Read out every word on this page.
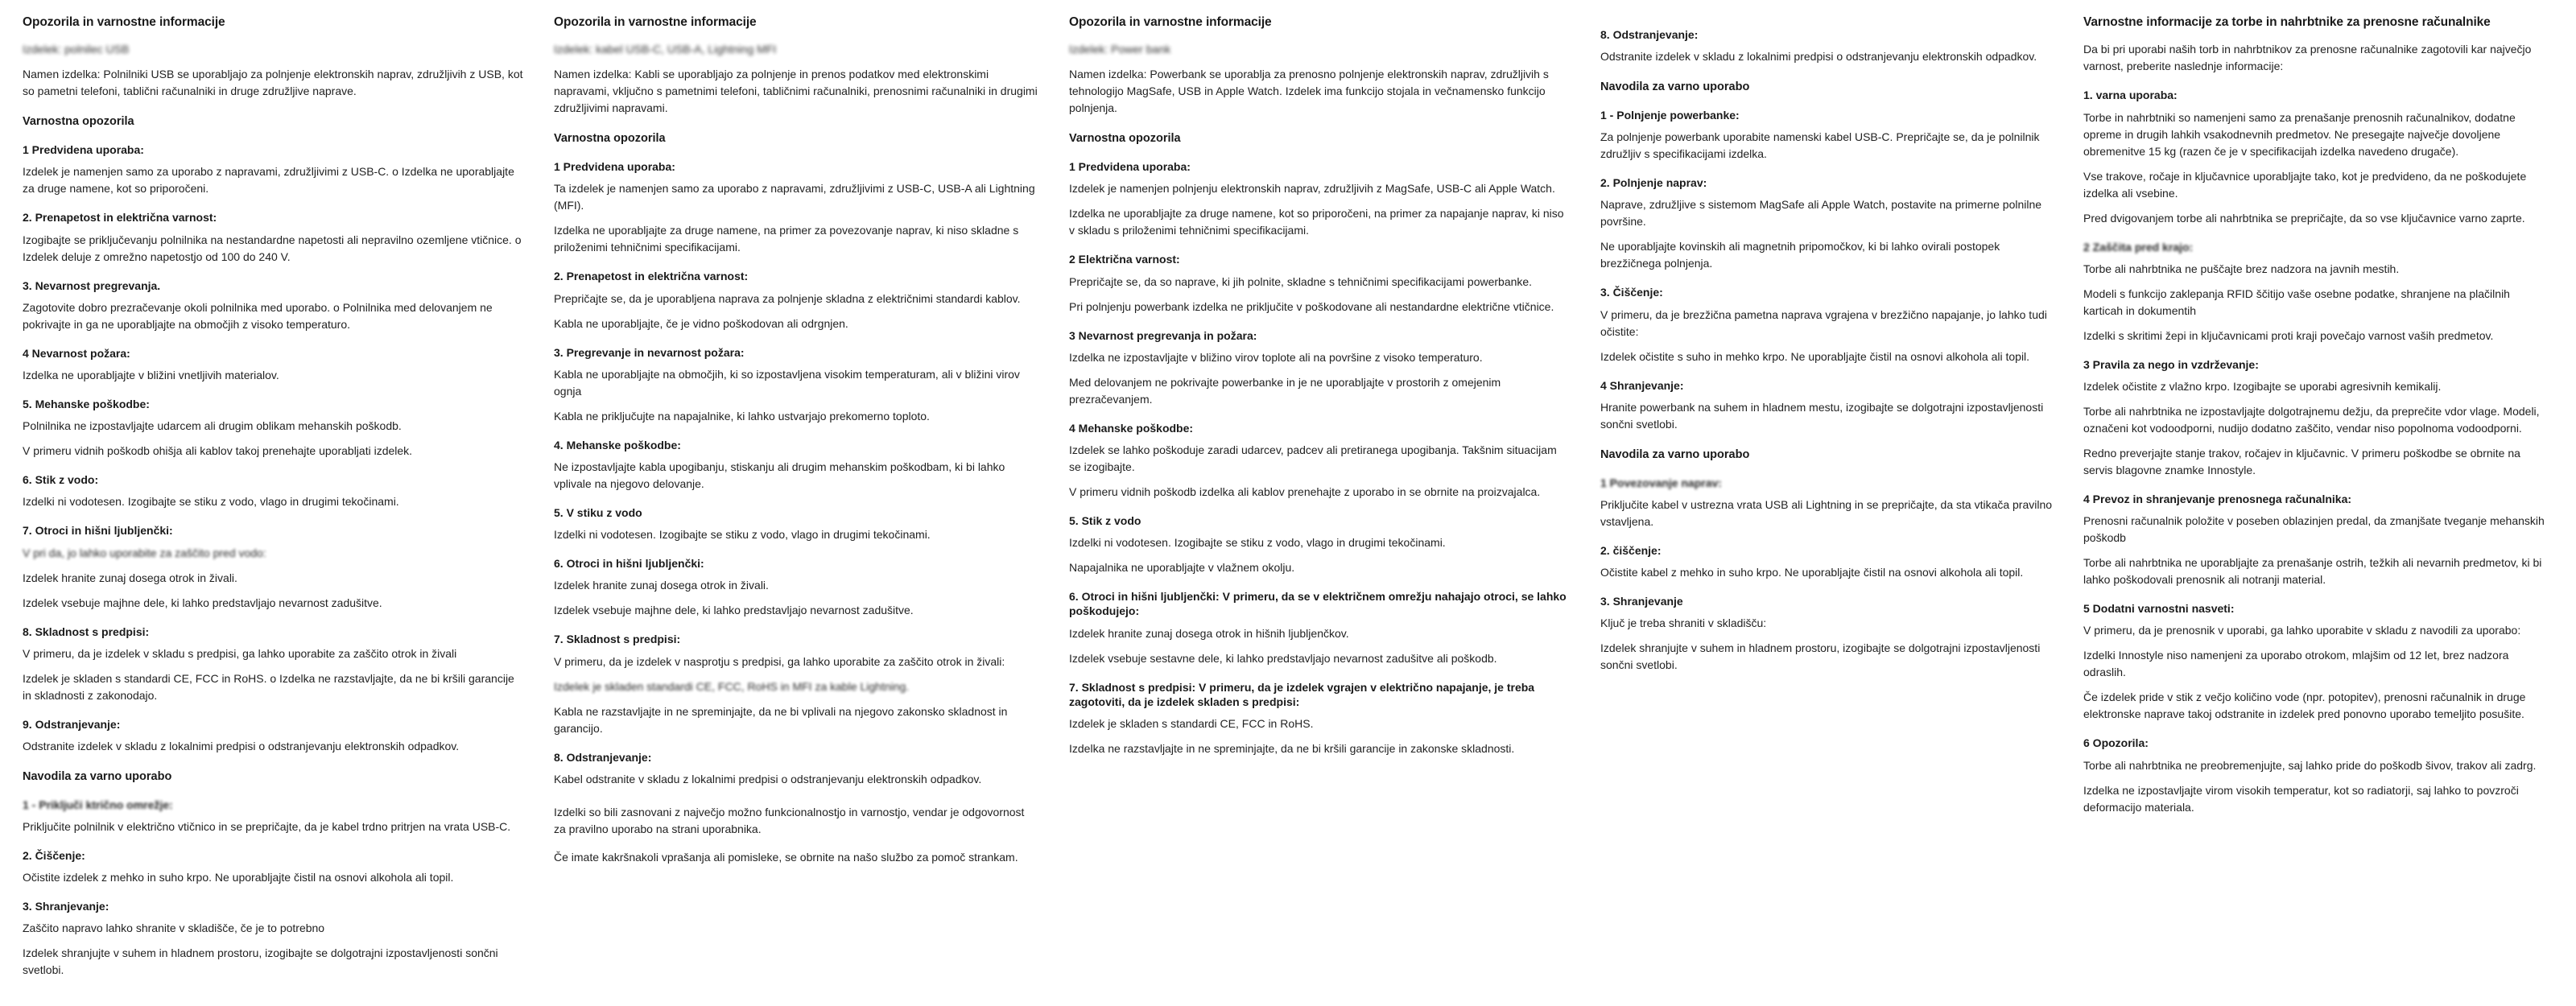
Opozorila in varnostne informacije

Izdelek: polnilec USB

Namen izdelka: Polnilniki USB se uporabljajo za polnjenje elektronskih naprav, združljivih z USB, kot so pametni telefoni, tablični računalniki in druge združljive naprave.

Varnostna opozorila
1 Predvidena uporaba:

Izdelek je namenjen samo za uporabo z napravami, združljivimi z USB-C. o Izdelka ne uporabljajte za druge namene, kot so priporočeni.

2. Prenapetost in električna varnost:

Izogibajte se priključevanju polnilnika na nestandardne napetosti ali nepravilno ozemljene vtičnice. o Izdelek deluje z omrežno napetostjo od 100 do 240 V.

3. Nevarnost pregrevanja.

Zagotovite dobro prezračevanje okoli polnilnika med uporabo. o Polnilnika med delovanjem ne pokrivajte in ga ne uporabljajte na območjih z visoko temperaturo.

4 Nevarnost požara:

Izdelka ne uporabljajte v bližini vnetljivih materialov.

5. Mehanske poškodbe:

Polnilnika ne izpostavljajte udarcem ali drugim oblikam mehanskih poškodb.

V primeru vidnih poškodb ohišja ali kablov takoj prenehajte uporabljati izdelek.

6. Stik z vodo:

Izdelki ni vodotesen. Izogibajte se stiku z vodo, vlago in drugimi tekočinami.

7. Otroci in hišni ljubljenčki:

V pri da, jo lahko uporabite za zaščito pred vodo:

Izdelek hranite zunaj dosega otrok in živali.

Izdelek vsebuje majhne dele, ki lahko predstavljajo nevarnost zadušitve.

8. Skladnost s predpisi:

V primeru, da je izdelek v skladu s predpisi, ga lahko uporabite za zaščito otrok in živali

Izdelek je skladen s standardi CE, FCC in RoHS. o Izdelka ne razstavljajte, da ne bi kršili garancije in skladnosti z zakonodajo.

9. Odstranjevanje:

Odstranite izdelek v skladu z lokalnimi predpisi o odstranjevanju elektronskih odpadkov.

Navodila za varno uporabo
1 - Priključi ktrično omrežje:

Priključite polnilnik v električno vtičnico in se prepričajte, da je kabel trdno pritrjen na vrata USB-C.

2. Čiščenje:

Očistite izdelek z mehko in suho krpo. Ne uporabljajte čistil na osnovi alkohola ali topil.

3. Shranjevanje:

Zaščito napravo lahko shranite v skladišče, če je to potrebno

Izdelek shranjujte v suhem in hladnem prostoru, izogibajte se dolgotrajni izpostavljenosti sončni svetlobi.

Opozorila in varnostne informacije

Izdelek: kabel USB-C, USB-A, Lightning MFI

Namen izdelka: Kabli se uporabljajo za polnjenje in prenos podatkov med elektronskimi napravami, vključno s pametnimi telefoni, tabličnimi računalniki, prenosnimi računalniki in drugimi združljivimi napravami.

Varnostna opozorila
1 Predvidena uporaba:

Ta izdelek je namenjen samo za uporabo z napravami, združljivimi z USB-C, USB-A ali Lightning (MFI).

Izdelka ne uporabljajte za druge namene, na primer za povezovanje naprav, ki niso skladne s priloženimi tehničnimi specifikacijami.

2. Prenapetost in električna varnost:

Prepričajte se, da je uporabljena naprava za polnjenje skladna z električnimi standardi kablov.

Kabla ne uporabljajte, če je vidno poškodovan ali odrgnjen.

3. Pregrevanje in nevarnost požara:

Kabla ne uporabljajte na območjih, ki so izpostavljena visokim temperaturam, ali v bližini virov ognja

Kabla ne priključujte na napajalnike, ki lahko ustvarjajo prekomerno toploto.

4. Mehanske poškodbe:

Ne izpostavljajte kabla upogibanju, stiskanju ali drugim mehanskim poškodbam, ki bi lahko vplivale na njegovo delovanje.

5. V stiku z vodo

Izdelki ni vodotesen. Izogibajte se stiku z vodo, vlago in drugimi tekočinami.

6. Otroci in hišni ljubljenčki:

Izdelek hranite zunaj dosega otrok in živali.

Izdelek vsebuje majhne dele, ki lahko predstavljajo nevarnost zadušitve.

7. Skladnost s predpisi:

V primeru, da je izdelek v nasprotju s predpisi, ga lahko uporabite za zaščito otrok in živali:

Izdelek je skladen standardi CE, FCC, RoHS in MFI za kable Lightning.

Kabla ne razstavljajte in ne spreminjajte, da ne bi vplivali na njegovo zakonsko skladnost in garancijo.

8. Odstranjevanje:

Kabel odstranite v skladu z lokalnimi predpisi o odstranjevanju elektronskih odpadkov.

Izdelki so bili zasnovani z največjo možno funkcionalnostjo in varnostjo, vendar je odgovornost za pravilno uporabo na strani uporabnika.

Če imate kakršnakoli vprašanja ali pomisleke, se obrnite na našo službo za pomoč strankam.

Opozorila in varnostne informacije

Izdelek: Power bank

Namen izdelka: Powerbank se uporablja za prenosno polnjenje elektronskih naprav, združljivih s tehnologijo MagSafe, USB in Apple Watch. Izdelek ima funkcijo stojala in večnamensko funkcijo polnjenja.

Varnostna opozorila
1 Predvidena uporaba:

Izdelek je namenjen polnjenju elektronskih naprav, združljivih z MagSafe, USB-C ali Apple Watch.

Izdelka ne uporabljajte za druge namene, kot so priporočeni, na primer za napajanje naprav, ki niso v skladu s priloženimi tehničnimi specifikacijami.

2 Električna varnost:

Prepričajte se, da so naprave, ki jih polnite, skladne s tehničnimi specifikacijami powerbanke.

Pri polnjenju powerbank izdelka ne priključite v poškodovane ali nestandardne električne vtičnice.

3 Nevarnost pregrevanja in požara:

Izdelka ne izpostavljajte v bližino virov toplote ali na površine z visoko temperaturo.

Med delovanjem ne pokrivajte powerbanke in je ne uporabljajte v prostorih z omejenim prezračevanjem.

4 Mehanske poškodbe:

Izdelek se lahko poškoduje zaradi udarcev, padcev ali pretiranega upogibanja. Takšnim situacijam se izogibajte.

V primeru vidnih poškodb izdelka ali kablov prenehajte z uporabo in se obrnite na proizvajalca.

5. Stik z vodo

Izdelki ni vodotesen. Izogibajte se stiku z vodo, vlago in drugimi tekočinami.

Napajalnika ne uporabljajte v vlažnem okolju.

6. Otroci in hišni ljubljenčki: V primeru, da se v električnem omrežju nahajajo otroci, se lahko poškodujejo:

Izdelek hranite zunaj dosega otrok in hišnih ljubljenčkov.

Izdelek vsebuje sestavne dele, ki lahko predstavljajo nevarnost zadušitve ali poškodb.

7. Skladnost s predpisi: V primeru, da je izdelek vgrajen v električno napajanje, je treba zagotoviti, da je izdelek skladen s predpisi:

Izdelek je skladen s standardi CE, FCC in RoHS.

Izdelka ne razstavljajte in ne spreminjajte, da ne bi kršili garancije in zakonske skladnosti.

8. Odstranjevanje:

Odstranite izdelek v skladu z lokalnimi predpisi o odstranjevanju elektronskih odpadkov.

Navodila za varno uporabo
1 - Polnjenje powerbanke:

Za polnjenje powerbank uporabite namenski kabel USB-C. Prepričajte se, da je polnilnik združljiv s specifikacijami izdelka.

2. Polnjenje naprav:

Naprave, združljive s sistemom MagSafe ali Apple Watch, postavite na primerne polnilne površine.

Ne uporabljajte kovinskih ali magnetnih pripomočkov, ki bi lahko ovirali postopek brezžičnega polnjenja.

3. Čiščenje:

V primeru, da je brezžična pametna naprava vgrajena v brezžično napajanje, jo lahko tudi očistite:

Izdelek očistite s suho in mehko krpo. Ne uporabljajte čistil na osnovi alkohola ali topil.

4 Shranjevanje:

Hranite powerbank na suhem in hladnem mestu, izogibajte se dolgotrajni izpostavljenosti sončni svetlobi.

Navodila za varno uporabo
1 Povezovanje naprav:

Priključite kabel v ustrezna vrata USB ali Lightning in se prepričajte, da sta vtikača pravilno vstavljena.

2. čiščenje:

Očistite kabel z mehko in suho krpo. Ne uporabljajte čistil na osnovi alkohola ali topil.

3. Shranjevanje

Ključ je treba shraniti v skladišču:

Izdelek shranjujte v suhem in hladnem prostoru, izogibajte se dolgotrajni izpostavljenosti sončni svetlobi.

Varnostne informacije za torbe in nahrbtnike za prenosne računalnike

Da bi pri uporabi naših torb in nahrbtnikov za prenosne računalnike zagotovili kar največjo varnost, preberite naslednje informacije:

1. varna uporaba:

Torbe in nahrbtniki so namenjeni samo za prenašanje prenosnih računalnikov, dodatne opreme in drugih lahkih vsakodnevnih predmetov. Ne presegajte največje dovoljene obremenitve 15 kg (razen če je v specifikacijah izdelka navedeno drugače).

Vse trakove, ročaje in ključavnice uporabljajte tako, kot je predvideno, da ne poškodujete izdelka ali vsebine.

Pred dvigovanjem torbe ali nahrbtnika se prepričajte, da so vse ključavnice varno zaprte.

2 Zaščita pred krajo:

Torbe ali nahrbtnika ne puščajte brez nadzora na javnih mestih.

Modeli s funkcijo zaklepanja RFID ščitijo vaše osebne podatke, shranjene na plačilnih karticah in dokumentih

Izdelki s skritimi žepi in ključavnicami proti kraji povečajo varnost vaših predmetov.

3 Pravila za nego in vzdrževanje:

Izdelek očistite z vlažno krpo. Izogibajte se uporabi agresivnih kemikalij.

Torbe ali nahrbtnika ne izpostavljajte dolgotrajnemu dežju, da preprečite vdor vlage. Modeli, označeni kot vodoodporni, nudijo dodatno zaščito, vendar niso popolnoma vodoodporni.

Redno preverjajte stanje trakov, ročajev in ključavnic. V primeru poškodbe se obrnite na servis blagovne znamke Innostyle.

4 Prevoz in shranjevanje prenosnega računalnika:

Prenosni računalnik položite v poseben oblazinjen predal, da zmanjšate tveganje mehanskih poškodb

Torbe ali nahrbtnika ne uporabljajte za prenašanje ostrih, težkih ali nevarnih predmetov, ki bi lahko poškodovali prenosnik ali notranji material.

5 Dodatni varnostni nasveti:

V primeru, da je prenosnik v uporabi, ga lahko uporabite v skladu z navodili za uporabo:

Izdelki Innostyle niso namenjeni za uporabo otrokom, mlajšim od 12 let, brez nadzora odraslih.

Če izdelek pride v stik z večjo količino vode (npr. potopitev), prenosni računalnik in druge elektronske naprave takoj odstranite in izdelek pred ponovno uporabo temeljito posušite.

6 Opozorila:

Torbe ali nahrbtnika ne preobremenjujte, saj lahko pride do poškodb šivov, trakov ali zadrg.

Izdelka ne izpostavljajte virom visokih temperatur, kot so radiatorji, saj lahko to povzroči deformacijo materiala.
